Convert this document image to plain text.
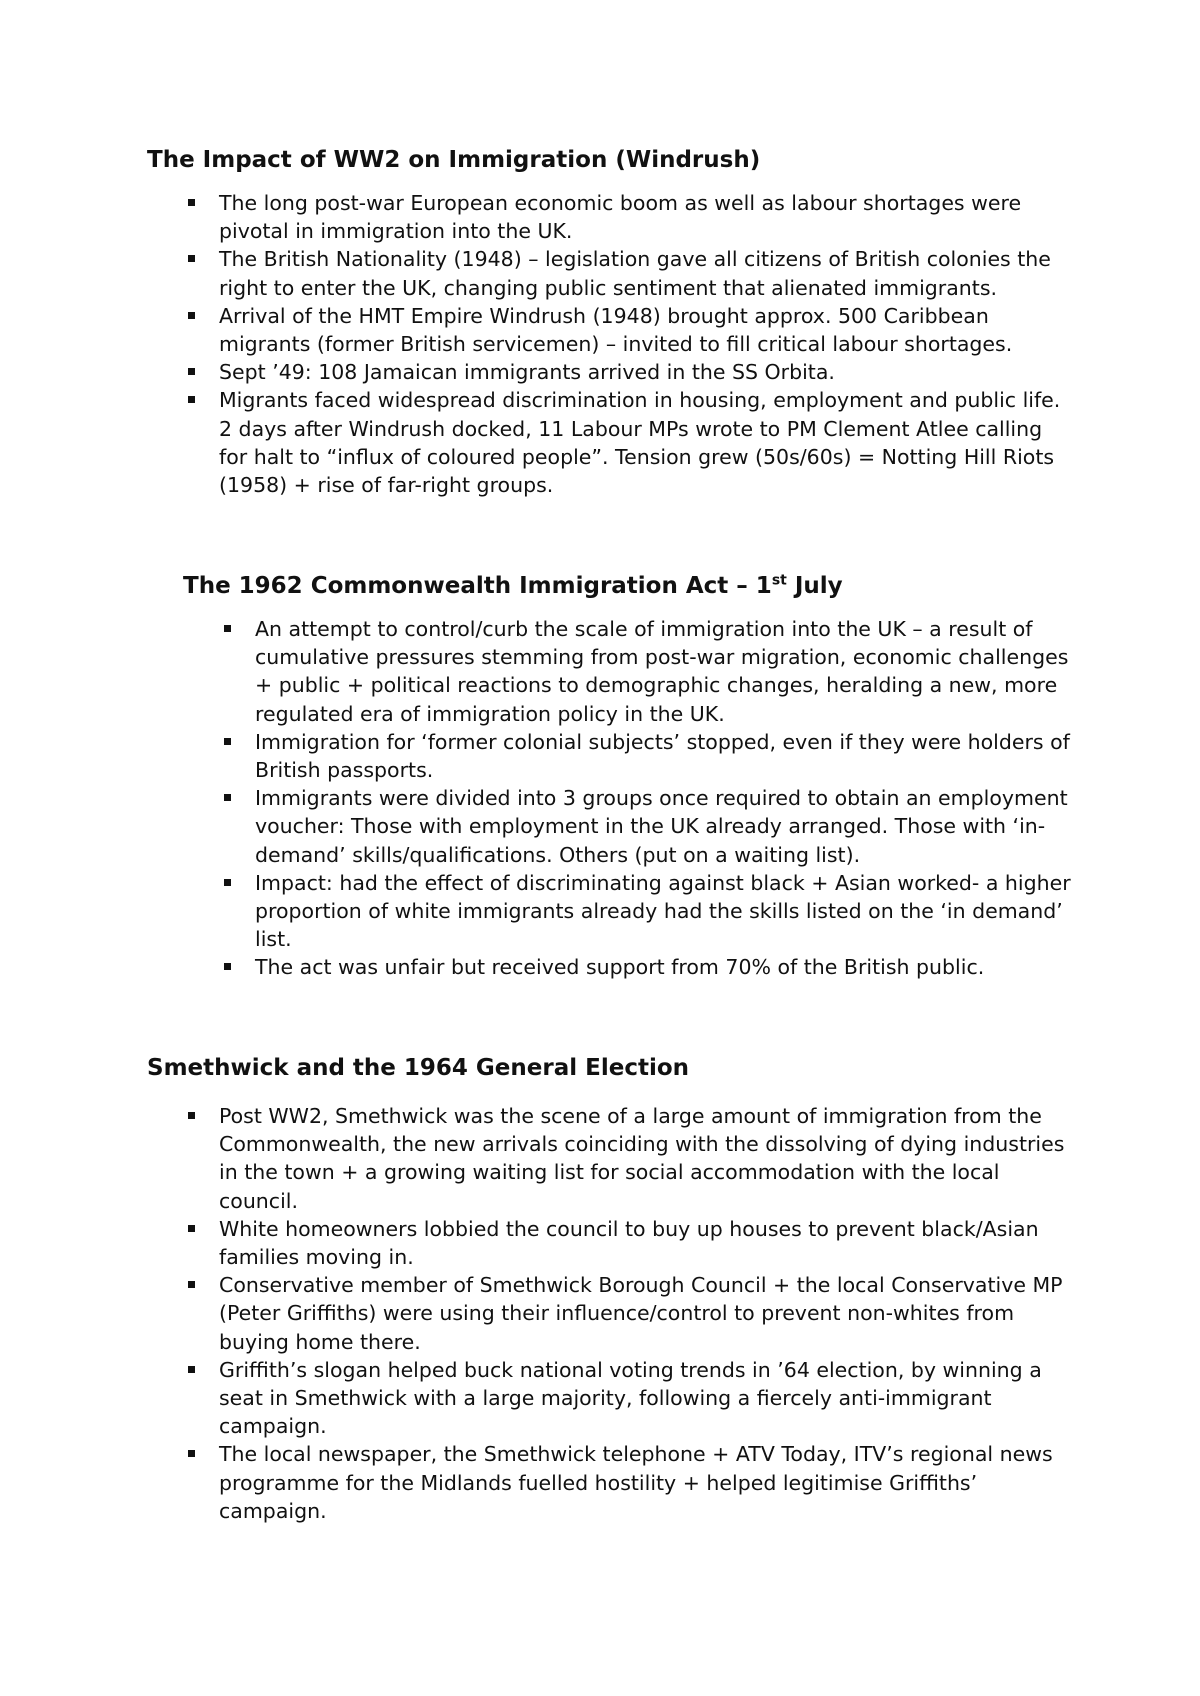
The Impact of WW2 on Immigration (Windrush)
The long post-war European economic boom as well as labour shortages were pivotal in immigration into the UK.
The British Nationality (1948) – legislation gave all citizens of British colonies the right to enter the UK, changing public sentiment that alienated immigrants.
Arrival of the HMT Empire Windrush (1948) brought approx. 500 Caribbean migrants (former British servicemen) – invited to fill critical labour shortages.
Sept ’49: 108 Jamaican immigrants arrived in the SS Orbita.
Migrants faced widespread discrimination in housing, employment and public life. 2 days after Windrush docked, 11 Labour MPs wrote to PM Clement Atlee calling for halt to “influx of coloured people”. Tension grew (50s/60s) = Notting Hill Riots (1958) + rise of far-right groups.
The 1962 Commonwealth Immigration Act – 1st July
An attempt to control/curb the scale of immigration into the UK – a result of cumulative pressures stemming from post-war migration, economic challenges + public + political reactions to demographic changes, heralding a new, more regulated era of immigration policy in the UK.
Immigration for ‘former colonial subjects’ stopped, even if they were holders of British passports.
Immigrants were divided into 3 groups once required to obtain an employment voucher: Those with employment in the UK already arranged. Those with ‘in-demand’ skills/qualifications. Others (put on a waiting list).
Impact: had the effect of discriminating against black + Asian worked- a higher proportion of white immigrants already had the skills listed on the ‘in demand’ list.
The act was unfair but received support from 70% of the British public.
Smethwick and the 1964 General Election
Post WW2, Smethwick was the scene of a large amount of immigration from the Commonwealth, the new arrivals coinciding with the dissolving of dying industries in the town + a growing waiting list for social accommodation with the local council.
White homeowners lobbied the council to buy up houses to prevent black/Asian families moving in.
Conservative member of Smethwick Borough Council + the local Conservative MP (Peter Griffiths) were using their influence/control to prevent non-whites from buying home there.
Griffith’s slogan helped buck national voting trends in ’64 election, by winning a seat in Smethwick with a large majority, following a fiercely anti-immigrant campaign.
The local newspaper, the Smethwick telephone + ATV Today, ITV’s regional news programme for the Midlands fuelled hostility + helped legitimise Griffiths’ campaign.
